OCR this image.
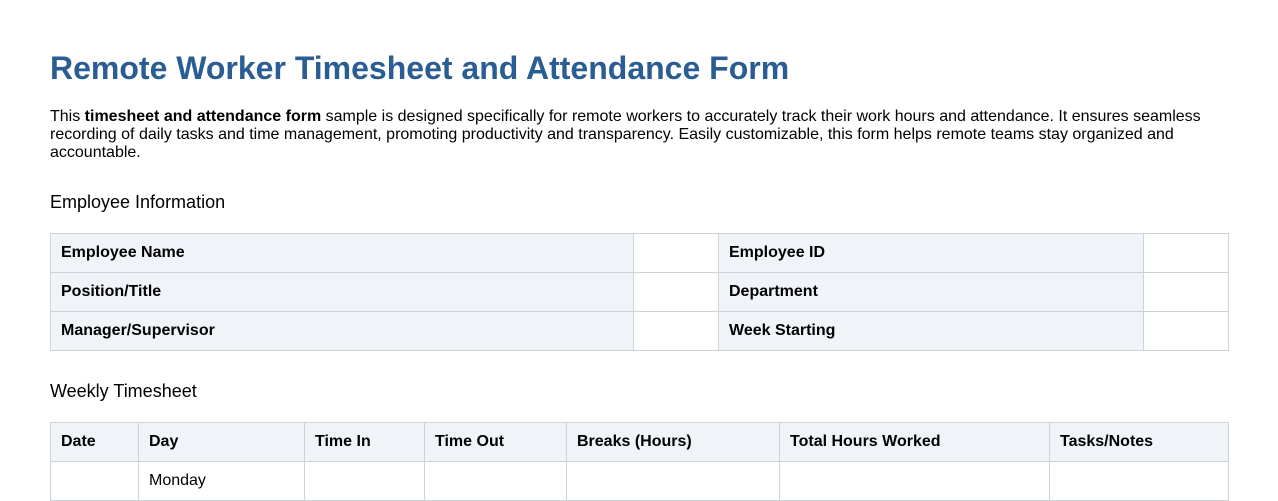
Remote Worker Timesheet and Attendance Form

This timesheet and attendance form sample is designed specifically for remote workers to accurately track their work hours and attendance. It ensures seamless recording of daily tasks and time management, promoting productivity and transparency. Easily customizable, this form helps remote teams stay organized and accountable.

Employee Information
Employee Name		Employee ID	
Position/Title		Department	
Manager/Supervisor		Week Starting	
Weekly Timesheet
Date	Day	Time In	Time Out	Breaks (Hours)	Total Hours Worked	Tasks/Notes
	Monday					
